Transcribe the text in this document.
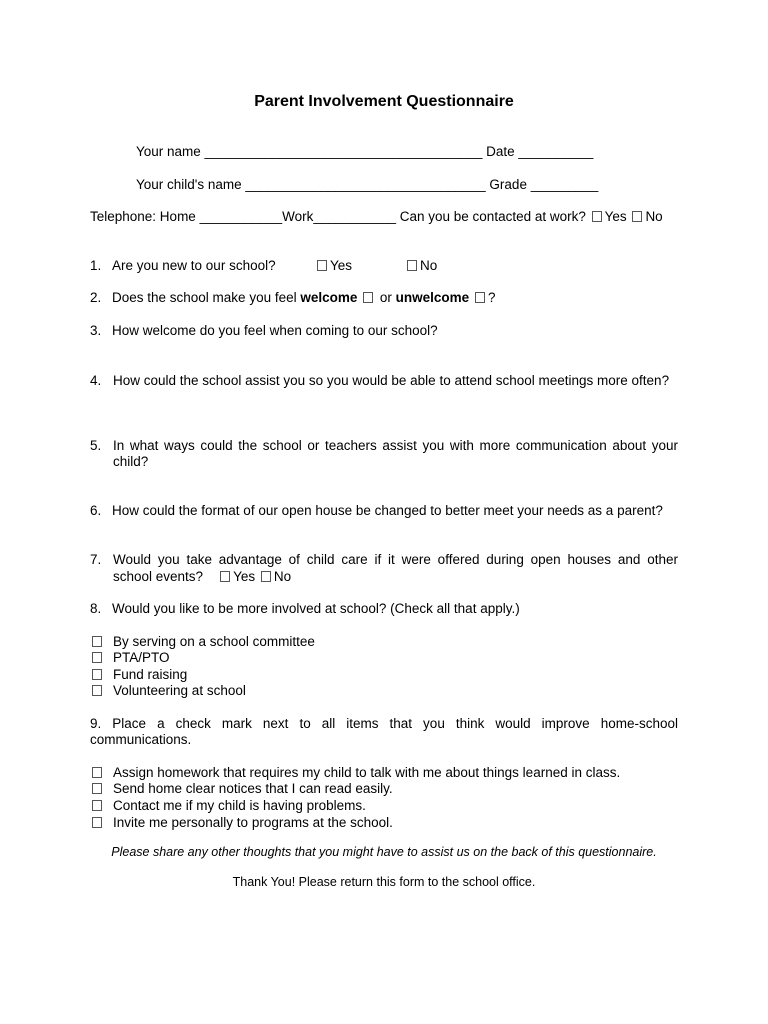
Parent Involvement Questionnaire
Your name _____________________________________ Date __________
Your child's name ________________________________ Grade _________
Telephone: Home ___________Work___________ Can you be contacted at work? Yes No
1. Are you new to our school?	Yes	No
2. Does the school make you feel welcome  or unwelcome ?
3. How welcome do you feel when coming to our school?
4. How could the school assist you so you would be able to attend school meetings more often?
5. In what ways could the school or teachers assist you with more communication about your child?
6. How could the format of our open house be changed to better meet your needs as a parent?
7. Would you take advantage of child care if it were offered during open houses and other
school events? Yes No
8. Would you like to be more involved at school? (Check all that apply.)
By serving on a school committee
PTA/PTO
Fund raising
Volunteering at school
9. Place a check mark next to all items that you think would improve home-school
communications.
Assign homework that requires my child to talk with me about things learned in class.
Send home clear notices that I can read easily.
Contact me if my child is having problems.
Invite me personally to programs at the school.
Please share any other thoughts that you might have to assist us on the back of this questionnaire.
Thank You! Please return this form to the school office.
